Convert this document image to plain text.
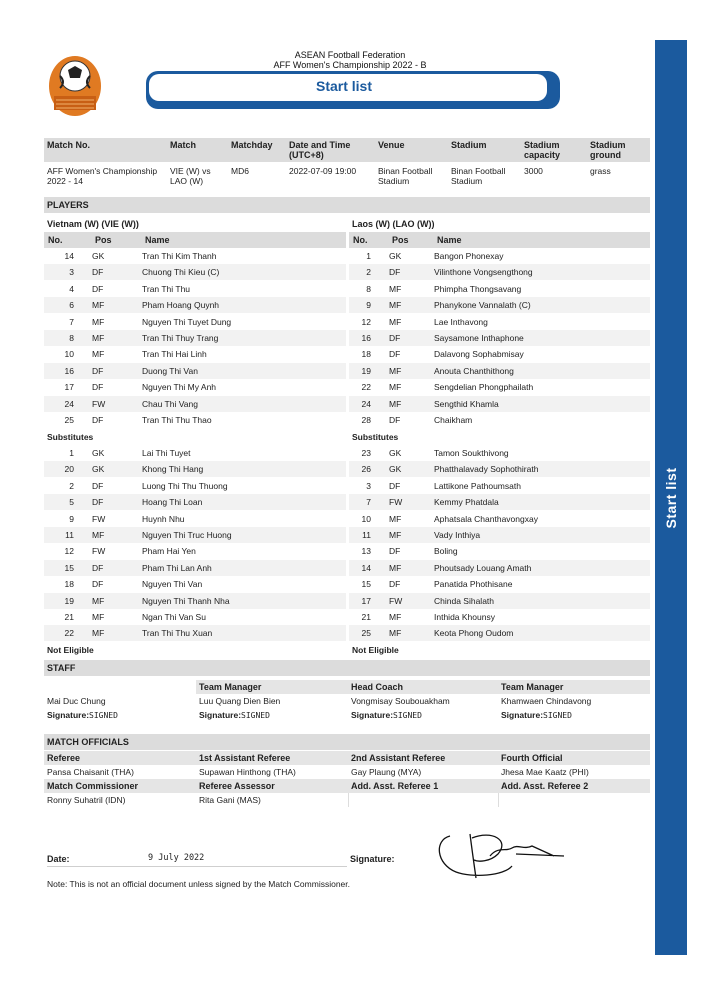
Start list
ASEAN Football Federation
AFF Women's Championship 2022 - B
Start list
Match No.	Match	Matchday	Date and Time (UTC+8)	Venue	Stadium	Stadium capacity	Stadium ground
AFF Women's Championship 2022 - 14	VIE (W) vs LAO (W)	MD6	2022-07-09 19:00	Binan Football Stadium	Binan Football Stadium	3000	grass
PLAYERS
Vietnam (W) (VIE (W))	Laos (W) (LAO (W))
No.	Pos	Name	No.	Pos	Name
14 GK	Tran Thi Kim Thanh
3 DF	Chuong Thi Kieu (C)
4 DF	Tran Thi Thu
6 MF	Pham Hoang Quynh
7 MF	Nguyen Thi Tuyet Dung
8 MF	Tran Thi Thuy Trang
10 MF	Tran Thi Hai Linh
16 DF	Duong Thi Van
17 DF	Nguyen Thi My Anh
24 FW	Chau Thi Vang
25 DF	Tran Thi Thu Thao
1 GK	Bangon Phonexay
2 DF	Vilinthone Vongsengthong
8 MF	Phimpha Thongsavang
9 MF	Phanykone Vannalath (C)
12 MF	Lae Inthavong
16 DF	Saysamone Inthaphone
18 DF	Dalavong Sophabmisay
19 MF	Anouta Chanthithong
22 MF	Sengdelian Phongphailath
24 MF	Sengthid Khamla
28 DF	Chaikham
Substitutes	Substitutes
1 GK	Lai Thi Tuyet
20 GK	Khong Thi Hang
2 DF	Luong Thi Thu Thuong
5 DF	Hoang Thi Loan
9 FW	Huynh Nhu
11 MF	Nguyen Thi Truc Huong
12 FW	Pham Hai Yen
15 DF	Pham Thi Lan Anh
18 DF	Nguyen Thi Van
19 MF	Nguyen Thi Thanh Nha
21 MF	Ngan Thi Van Su
22 MF	Tran Thi Thu Xuan
23 GK	Tamon Soukthivong
26 GK	Phatthalavady Sophothirath
3 DF	Lattikone Pathoumsath
7 FW	Kemmy Phatdala
10 MF	Aphatsala Chanthavongxay
11 MF	Vady Inthiya
13 DF	Boling
14 MF	Phoutsady Louang Amath
15 DF	Panatida Phothisane
17 FW	Chinda Sihalath
21 MF	Inthida Khounsy
25 MF	Keota Phong Oudom
Not Eligible	Not Eligible
STAFF
	Team Manager	Head Coach	Team Manager
Mai Duc Chung	Luu Quang Dien Bien	Vongmisay Soubouakham	Khamwaen Chindavong
Signature:SIGNED	Signature:SIGNED	Signature:SIGNED	Signature:SIGNED
MATCH OFFICIALS
Referee	1st Assistant Referee	2nd Assistant Referee	Fourth Official
Pansa Chaisanit (THA)	Supawan Hinthong (THA)	Gay Plaung (MYA)	Jhesa Mae Kaatz (PHI)
Match Commissioner	Referee Assessor	Add. Asst. Referee 1	Add. Asst. Referee 2
Ronny Suhatril (IDN)	Rita Gani (MAS)		
Date:	9 July 2022	Signature:
Note: This is not an official document unless signed by the Match Commissioner.
